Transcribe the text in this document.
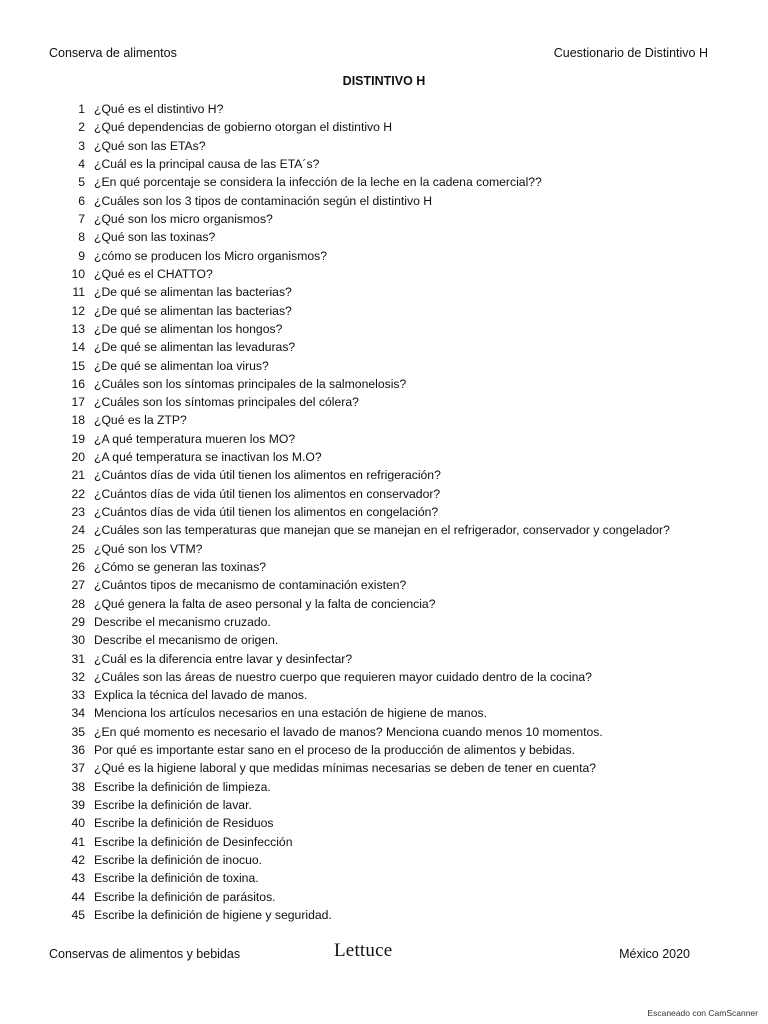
Conserva de alimentos	Cuestionario de Distintivo H
DISTINTIVO H
1 ¿Qué es el distintivo H?
2 ¿Qué dependencias de gobierno otorgan el distintivo H
3 ¿Qué son las ETAs?
4 ¿Cuál es la principal causa de las ETA´s?
5 ¿En qué porcentaje se considera la infección de la leche en la cadena comercial??
6 ¿Cuáles son los 3 tipos de contaminación según el distintivo H
7 ¿Qué son los micro organismos?
8 ¿Qué son las toxinas?
9 ¿cómo se producen los Micro organismos?
10 ¿Qué es el CHATTO?
11 ¿De qué se alimentan las bacterias?
12 ¿De qué se alimentan las bacterias?
13 ¿De qué se alimentan los hongos?
14 ¿De qué se alimentan las levaduras?
15 ¿De qué se alimentan loa virus?
16 ¿Cuáles son los síntomas principales de la salmonelosis?
17 ¿Cuáles son los síntomas principales del cólera?
18 ¿Qué es la ZTP?
19 ¿A qué temperatura mueren los MO?
20 ¿A qué temperatura se inactivan los M.O?
21 ¿Cuántos días de vida útil tienen los alimentos en refrigeración?
22 ¿Cuántos días de vida útil tienen los alimentos en conservador?
23 ¿Cuántos días de vida útil tienen los alimentos en congelación?
24 ¿Cuáles son las temperaturas que manejan que se manejan en el refrigerador, conservador y congelador?
25 ¿Qué son los VTM?
26 ¿Cómo se generan las toxinas?
27 ¿Cuántos tipos de mecanismo de contaminación existen?
28 ¿Qué genera la falta de aseo personal y la falta de conciencia?
29 Describe el mecanismo cruzado.
30 Describe el mecanismo de origen.
31 ¿Cuál es la diferencia entre lavar y desinfectar?
32 ¿Cuáles son las áreas de nuestro cuerpo que requieren mayor cuidado dentro de la cocina?
33 Explica la técnica del lavado de manos.
34 Menciona los artículos necesarios en una estación de higiene de manos.
35 ¿En qué momento es necesario el lavado de manos? Menciona cuando menos 10 momentos.
36 Por qué es importante estar sano en el proceso de la producción de alimentos y bebidas.
37 ¿Qué es la higiene laboral y que medidas mínimas necesarias se deben de tener en cuenta?
38 Escribe la definición de limpieza.
39 Escribe la definición de lavar.
40 Escribe la definición de Residuos
41 Escribe la definición de Desinfección
42 Escribe la definición de inocuo.
43 Escribe la definición de toxina.
44 Escribe la definición de parásitos.
45 Escribe la definición de higiene y seguridad.
Conservas de alimentos y bebidas	Lettuce	México 2020
Escaneado con CamScanner
